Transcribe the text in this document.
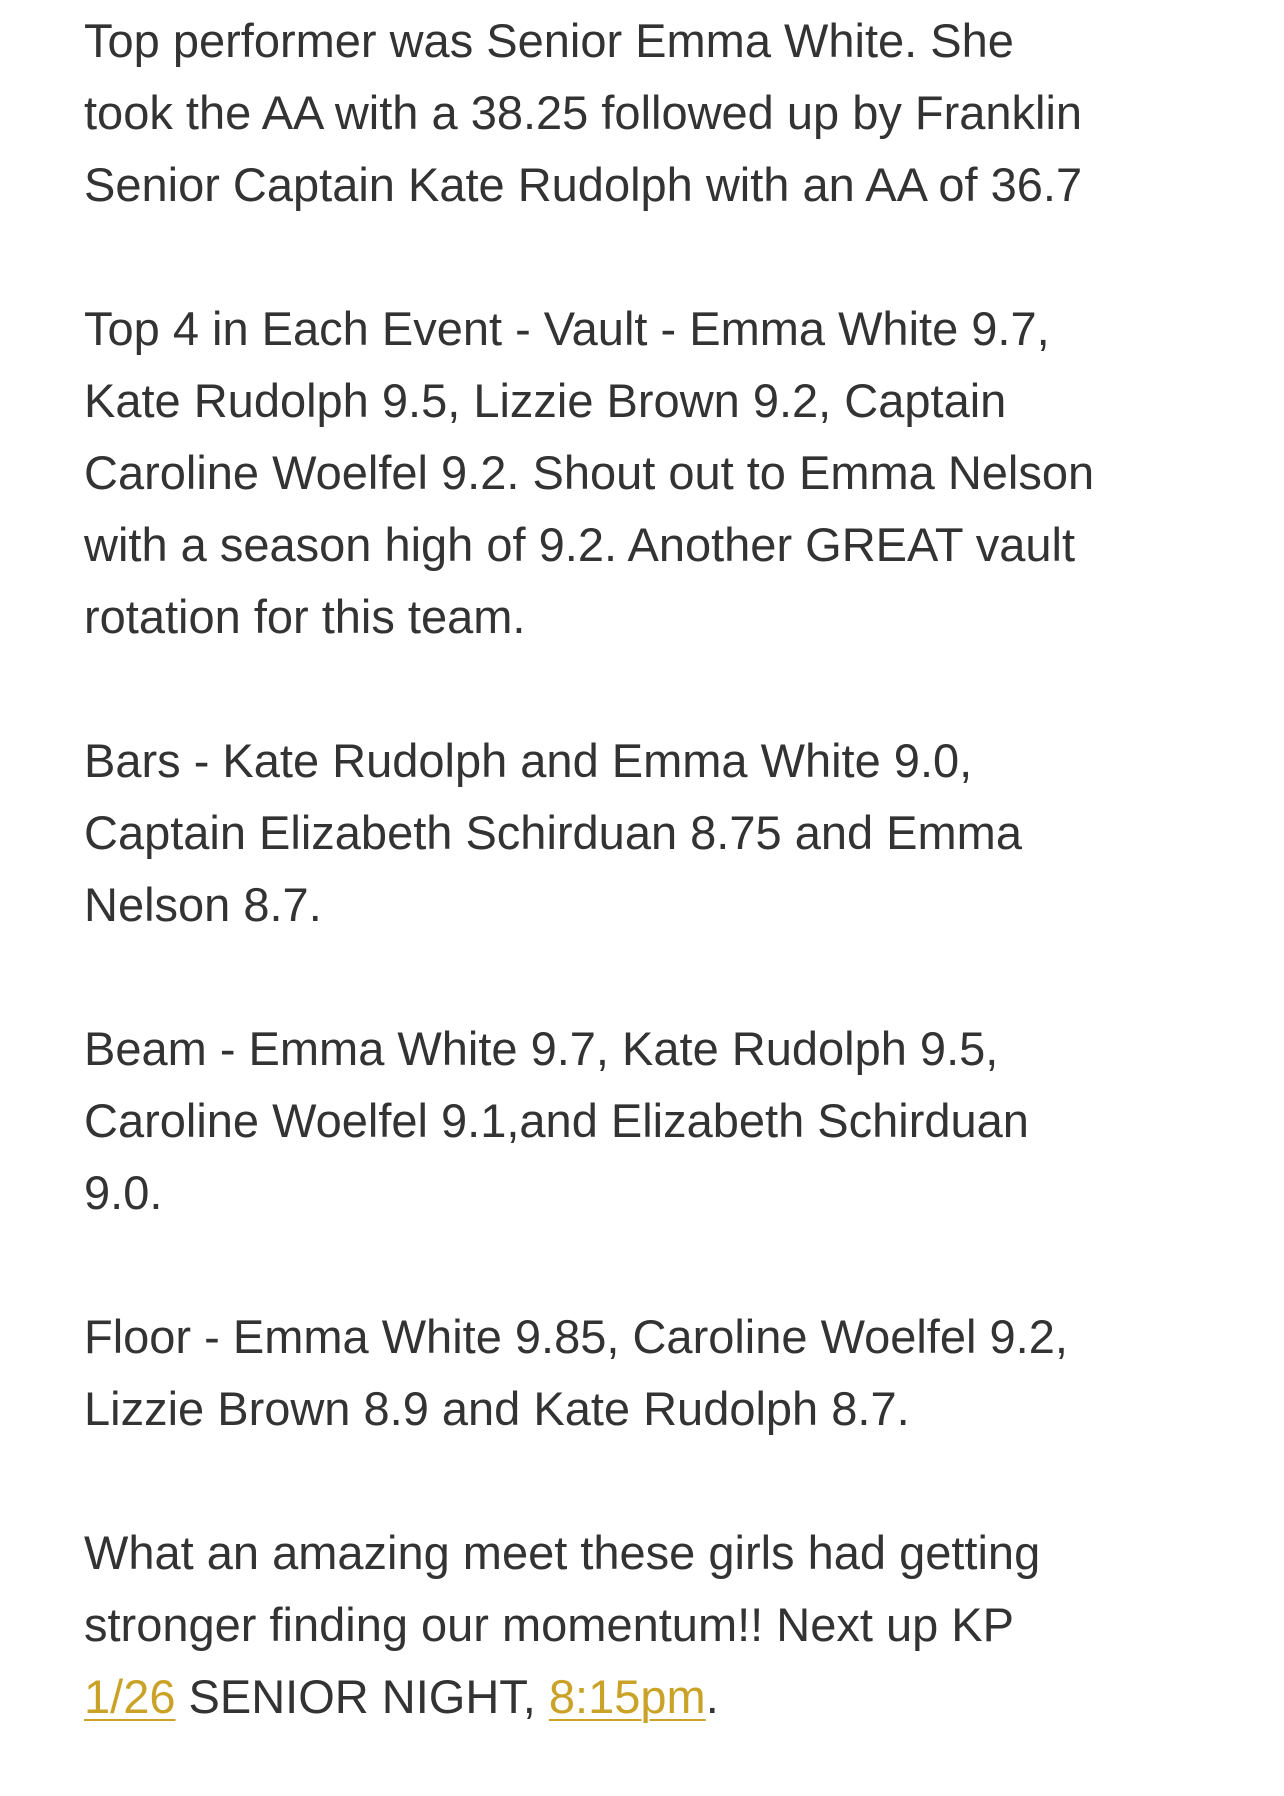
Top performer was Senior Emma White. She
took the AA with a 38.25 followed up by Franklin
Senior Captain Kate Rudolph with an AA of 36.7

Top 4 in Each Event - Vault - Emma White 9.7,
Kate Rudolph 9.5, Lizzie Brown 9.2, Captain
Caroline Woelfel 9.2. Shout out to Emma Nelson
with a season high of 9.2. Another GREAT vault
rotation for this team.

Bars - Kate Rudolph and Emma White 9.0,
Captain Elizabeth Schirduan 8.75 and Emma
Nelson 8.7.

Beam - Emma White 9.7, Kate Rudolph 9.5,
Caroline Woelfel 9.1,and Elizabeth Schirduan
9.0.

Floor - Emma White 9.85, Caroline Woelfel 9.2,
Lizzie Brown 8.9 and Kate Rudolph 8.7.

What an amazing meet these girls had getting
stronger finding our momentum!! Next up KP
1/26 SENIOR NIGHT, 8:15pm.
